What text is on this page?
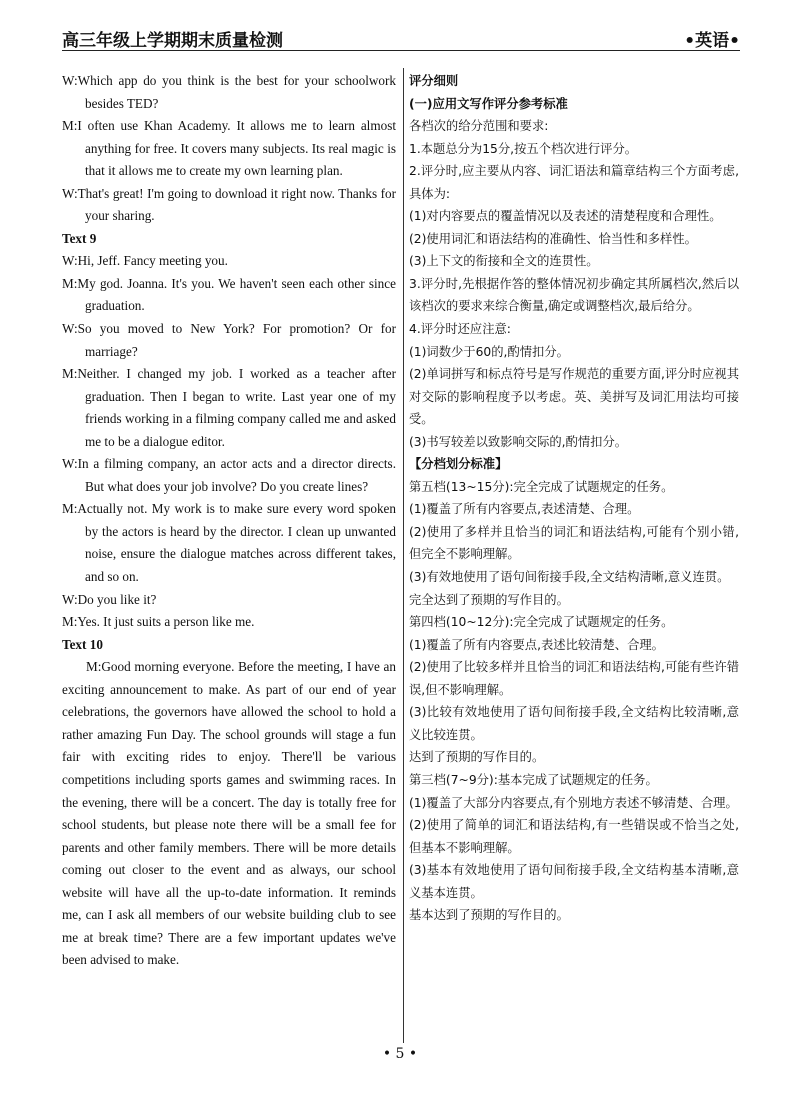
高三年级上学期期末质量检测	•英语•

W:Which app do you think is the best for your schoolwork besides TED?

M:I often use Khan Academy. It allows me to learn almost anything for free. It covers many subjects. Its real magic is that it allows me to create my own learning plan.

W:That's great! I'm going to download it right now. Thanks for your sharing.

Text 9

W:Hi, Jeff. Fancy meeting you.

M:My god. Joanna. It's you. We haven't seen each other since graduation.

W:So you moved to New York? For promotion? Or for marriage?

M:Neither. I changed my job. I worked as a teacher after graduation. Then I began to write. Last year one of my friends working in a filming company called me and asked me to be a dialogue editor.

W:In a filming company, an actor acts and a director directs. But what does your job involve? Do you create lines?

M:Actually not. My work is to make sure every word spoken by the actors is heard by the director. I clean up unwanted noise, ensure the dialogue matches across different takes, and so on.

W:Do you like it?

M:Yes. It just suits a person like me.

Text 10

M:Good morning everyone. Before the meeting, I have an exciting announcement to make. As part of our end of year celebrations, the governors have allowed the school to hold a rather amazing Fun Day. The school grounds will stage a fun fair with exciting rides to enjoy. There'll be various competitions including sports games and swimming races. In the evening, there will be a concert. The day is totally free for school students, but please note there will be a small fee for parents and other family members. There will be more details coming out closer to the event and as always, our school website will have all the up-to-date information. It reminds me, can I ask all members of our website building club to see me at break time? There are a few important updates we've been advised to make.

评分细则

(一)应用文写作评分参考标准

各档次的给分范围和要求:

1.本题总分为15分,按五个档次进行评分。

2.评分时,应主要从内容、词汇语法和篇章结构三个方面考虑,具体为:

(1)对内容要点的覆盖情况以及表述的清楚程度和合理性。

(2)使用词汇和语法结构的准确性、恰当性和多样性。

(3)上下文的衔接和全文的连贯性。

3.评分时,先根据作答的整体情况初步确定其所属档次,然后以该档次的要求来综合衡量,确定或调整档次,最后给分。

4.评分时还应注意:

(1)词数少于60的,酌情扣分。

(2)单词拼写和标点符号是写作规范的重要方面,评分时应视其对交际的影响程度予以考虑。英、美拼写及词汇用法均可接受。

(3)书写较差以致影响交际的,酌情扣分。

【分档划分标准】

第五档(13~15分):完全完成了试题规定的任务。

(1)覆盖了所有内容要点,表述清楚、合理。

(2)使用了多样并且恰当的词汇和语法结构,可能有个别小错,但完全不影响理解。

(3)有效地使用了语句间衔接手段,全文结构清晰,意义连贯。

完全达到了预期的写作目的。

第四档(10~12分):完全完成了试题规定的任务。

(1)覆盖了所有内容要点,表述比较清楚、合理。

(2)使用了比较多样并且恰当的词汇和语法结构,可能有些许错误,但不影响理解。

(3)比较有效地使用了语句间衔接手段,全文结构比较清晰,意义比较连贯。

达到了预期的写作目的。

第三档(7~9分):基本完成了试题规定的任务。

(1)覆盖了大部分内容要点,有个别地方表述不够清楚、合理。

(2)使用了简单的词汇和语法结构,有一些错误或不恰当之处,但基本不影响理解。

(3)基本有效地使用了语句间衔接手段,全文结构基本清晰,意义基本连贯。

基本达到了预期的写作目的。

• 5 •
